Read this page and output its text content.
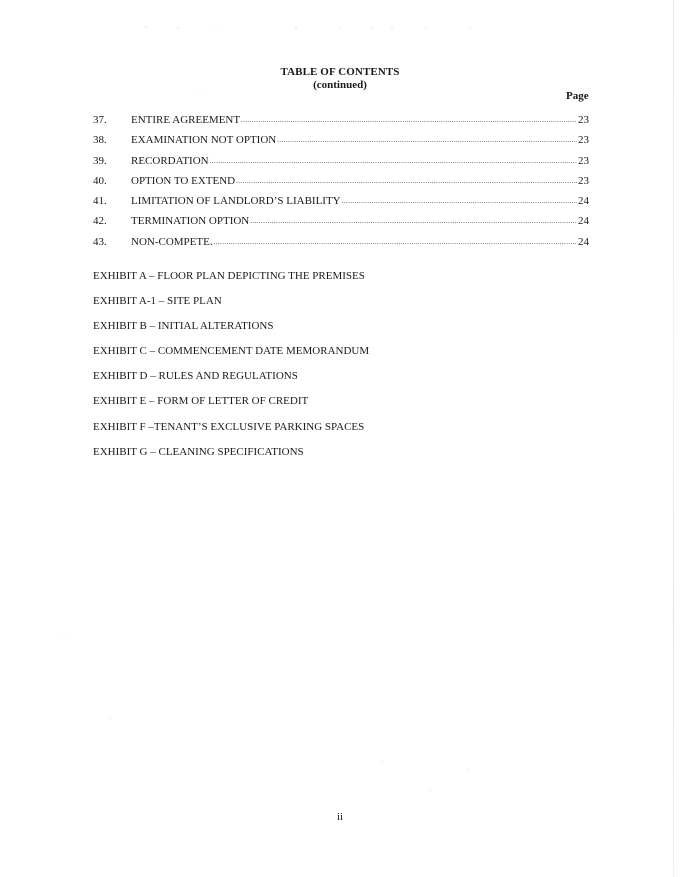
TABLE OF CONTENTS
(continued)
Page
37.	ENTIRE AGREEMENT .....	23
38.	EXAMINATION NOT OPTION .....	23
39.	RECORDATION .....	23
40.	OPTION TO EXTEND .....	23
41.	LIMITATION OF LANDLORD’S LIABILITY .....	24
42.	TERMINATION OPTION .....	24
43.	NON-COMPETE. .....	24
EXHIBIT A – FLOOR PLAN DEPICTING THE PREMISES
EXHIBIT A-1 – SITE PLAN
EXHIBIT B – INITIAL ALTERATIONS
EXHIBIT C – COMMENCEMENT DATE MEMORANDUM
EXHIBIT D – RULES AND REGULATIONS
EXHIBIT E – FORM OF LETTER OF CREDIT
EXHIBIT F –TENANT’S EXCLUSIVE PARKING SPACES
EXHIBIT G – CLEANING SPECIFICATIONS
ii
